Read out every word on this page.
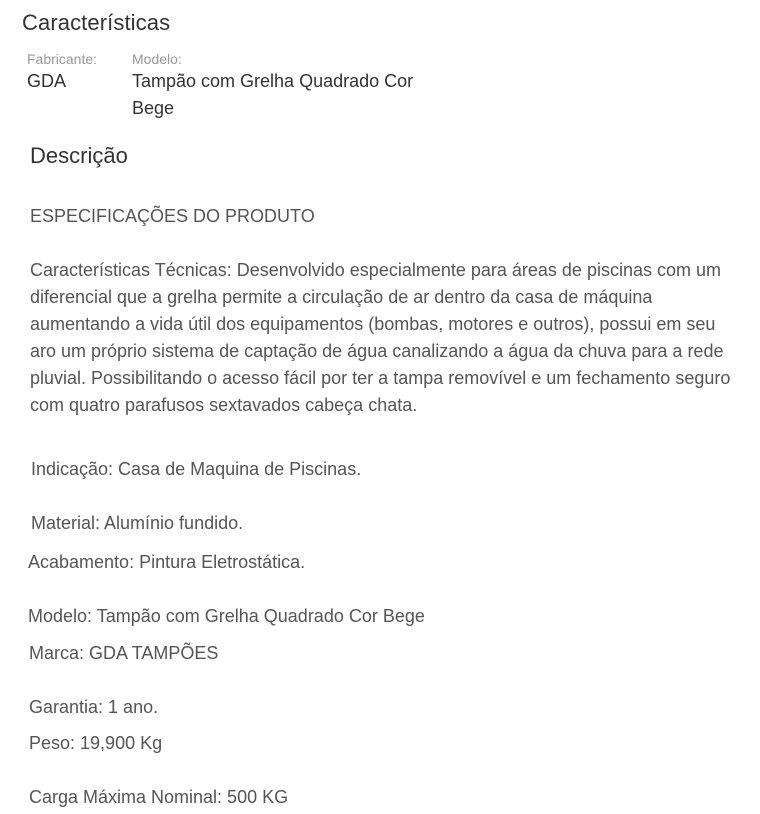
Características

Fabricante:

GDA

Modelo:

Tampão com Grelha Quadrado Cor

Bege

Descrição

ESPECIFICAÇÕES DO PRODUTO

Características Técnicas: Desenvolvido especialmente para áreas de piscinas com um diferencial que a grelha permite a circulação de ar dentro da casa de máquina aumentando a vida útil dos equipamentos (bombas, motores e outros), possui em seu aro um próprio sistema de captação de água canalizando a água da chuva para a rede pluvial. Possibilitando o acesso fácil por ter a tampa removível e um fechamento seguro com quatro parafusos sextavados cabeça chata.

Indicação: Casa de Maquina de Piscinas.

Material: Alumínio fundido.

Acabamento: Pintura Eletrostática.

Modelo: Tampão com Grelha Quadrado Cor Bege

Marca: GDA TAMPÕES

Garantia: 1 ano.

Peso: 19,900 Kg

Carga Máxima Nominal: 500 KG
